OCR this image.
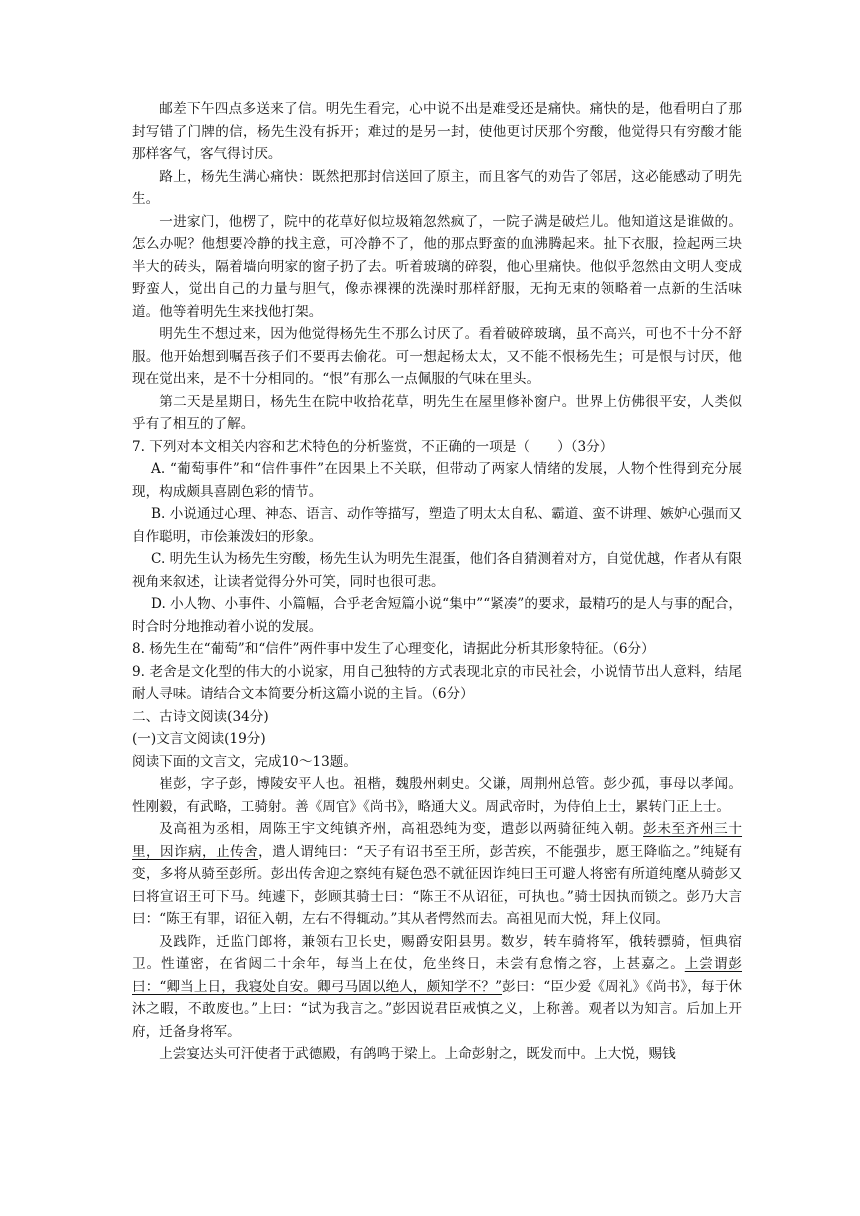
邮差下午四点多送来了信。明先生看完，心中说不出是难受还是痛快。痛快的是，他看明白了那封写错了门牌的信，杨先生没有拆开；难过的是另一封，使他更讨厌那个穷酸，他觉得只有穷酸才能那样客气，客气得讨厌。

路上，杨先生满心痛快：既然把那封信送回了原主，而且客气的劝告了邻居，这必能感动了明先生。

一进家门，他楞了，院中的花草好似垃圾箱忽然疯了，一院子满是破烂儿。他知道这是谁做的。怎么办呢？他想要冷静的找主意，可冷静不了，他的那点野蛮的血沸腾起来。扯下衣服，捡起两三块半大的砖头，隔着墙向明家的窗子扔了去。听着玻璃的碎裂，他心里痛快。他似乎忽然由文明人变成野蛮人，觉出自己的力量与胆气，像赤裸裸的洗澡时那样舒服，无拘无束的领略着一点新的生活味道。他等着明先生来找他打架。

明先生不想过来，因为他觉得杨先生不那么讨厌了。看着破碎玻璃，虽不高兴，可也不十分不舒服。他开始想到嘱吾孩子们不要再去偷花。可一想起杨太太，又不能不恨杨先生；可是恨与讨厌，他现在觉出来，是不十分相同的。“恨”有那么一点佩服的气味在里头。

第二天是星期日，杨先生在院中收拾花草，明先生在屋里修补窗户。世界上仿佛很平安，人类似乎有了相互的了解。

7. 下列对本文相关内容和艺术特色的分析鉴赏，不正确的一项是（　　）（3分）

A. “葡萄事件”和“信件事件”在因果上不关联，但带动了两家人情绪的发展，人物个性得到充分展现，构成颇具喜剧色彩的情节。

B. 小说通过心理、神态、语言、动作等描写，塑造了明太太自私、霸道、蛮不讲理、嫉妒心强而又自作聪明，市侩兼泼妇的形象。

C. 明先生认为杨先生穷酸，杨先生认为明先生混蛋，他们各自猜测着对方，自觉优越，作者从有限视角来叙述，让读者觉得分外可笑，同时也很可悲。

D. 小人物、小事件、小篇幅，合乎老舍短篇小说“集中”“紧凑”的要求，最精巧的是人与事的配合，时合时分地推动着小说的发展。

8. 杨先生在“葡萄”和“信件”两件事中发生了心理变化，请据此分析其形象特征。（6分）

9. 老舍是文化型的伟大的小说家，用自己独特的方式表现北京的市民社会，小说情节出人意料，结尾耐人寻味。请结合文本简要分析这篇小说的主旨。（6分）

二、古诗文阅读(34分)

(一)文言文阅读(19分)

阅读下面的文言文，完成10～13题。

崔彭，字子彭，博陵安平人也。祖楷，魏殷州刺史。父谦，周荆州总管。彭少孤，事母以孝闻。性刚毅，有武略，工骑射。善《周官》《尚书》，略通大义。周武帝时，为侍伯上士，累转门正上士。

及高祖为丞相，周陈王宇文纯镇齐州，高祖恐纯为变，遣彭以两骑征纯入朝。彭未至齐州三十里，因诈病，止传舍，遣人谓纯曰：“天子有诏书至王所，彭苦疾，不能强步，愿王降临之。”纯疑有变，多将从骑至彭所。彭出传舍迎之察纯有疑色恐不就征因诈纯曰王可避人将密有所道纯麾从骑彭又曰将宣诏王可下马。纯遽下，彭顾其骑士曰：“陈王不从诏征，可执也。”骑士因执而锁之。彭乃大言曰：“陈王有罪，诏征入朝，左右不得辄动。”其从者愕然而去。高祖见而大悦，拜上仪同。

及践阼，迁监门郎将，兼领右卫长史，赐爵安阳县男。数岁，转车骑将军，俄转骠骑，恒典宿卫。性谨密，在省闼二十余年，每当上在仗，危坐终日，未尝有怠惰之容，上甚嘉之。上尝谓彭曰：“卿当上日，我寝处自安。卿弓马固以绝人，颇知学不？”彭曰：“臣少爱《周礼》《尚书》，每于休沐之暇，不敢废也。”上曰：“试为我言之。”彭因说君臣戒慎之义，上称善。观者以为知言。后加上开府，迁备身将军。

上尝宴达头可汗使者于武德殿，有鸽鸣于梁上。上命彭射之，既发而中。上大悦，赐钱
